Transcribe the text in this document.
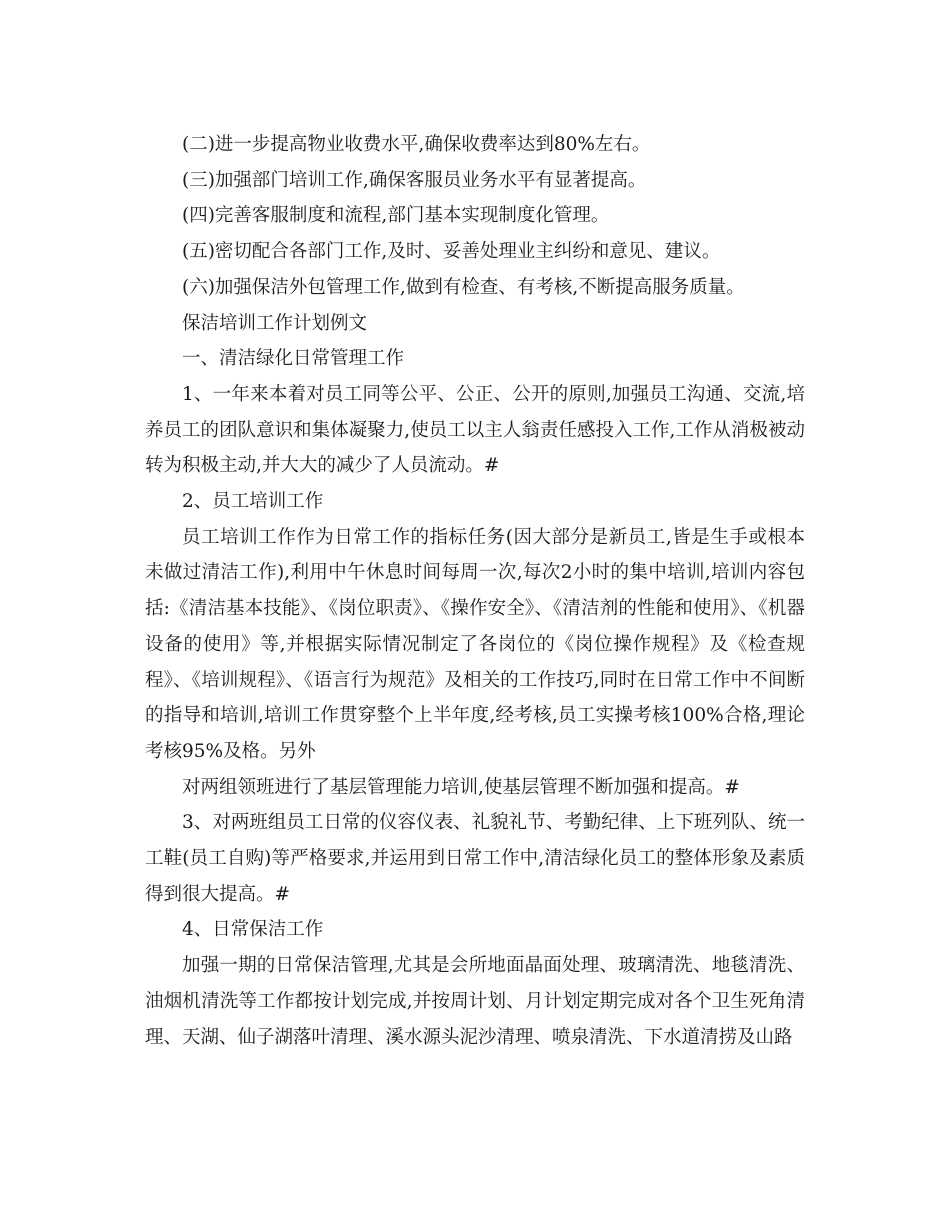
(二)进一步提高物业收费水平,确保收费率达到80%左右。

(三)加强部门培训工作,确保客服员业务水平有显著提高。

(四)完善客服制度和流程,部门基本实现制度化管理。

(五)密切配合各部门工作,及时、妥善处理业主纠纷和意见、建议。

(六)加强保洁外包管理工作,做到有检查、有考核,不断提高服务质量。

保洁培训工作计划例文

一、清洁绿化日常管理工作

1、一年来本着对员工同等公平、公正、公开的原则,加强员工沟通、交流,培养员工的团队意识和集体凝聚力,使员工以主人翁责任感投入工作,工作从消极被动转为积极主动,并大大的减少了人员流动。#

2、员工培训工作

员工培训工作作为日常工作的指标任务(因大部分是新员工,皆是生手或根本未做过清洁工作),利用中午休息时间每周一次,每次2小时的集中培训,培训内容包括:《清洁基本技能》、《岗位职责》、《操作安全》、《清洁剂的性能和使用》、《机器设备的使用》等,并根据实际情况制定了各岗位的《岗位操作规程》及《检查规程》、《培训规程》、《语言行为规范》及相关的工作技巧,同时在日常工作中不间断的指导和培训,培训工作贯穿整个上半年度,经考核,员工实操考核100%合格,理论考核95%及格。另外

对两组领班进行了基层管理能力培训,使基层管理不断加强和提高。#

3、对两班组员工日常的仪容仪表、礼貌礼节、考勤纪律、上下班列队、统一工鞋(员工自购)等严格要求,并运用到日常工作中,清洁绿化员工的整体形象及素质得到很大提高。#

4、日常保洁工作

加强一期的日常保洁管理,尤其是会所地面晶面处理、玻璃清洗、地毯清洗、油烟机清洗等工作都按计划完成,并按周计划、月计划定期完成对各个卫生死角清理、天湖、仙子湖落叶清理、溪水源头泥沙清理、喷泉清洗、下水道清捞及山路
